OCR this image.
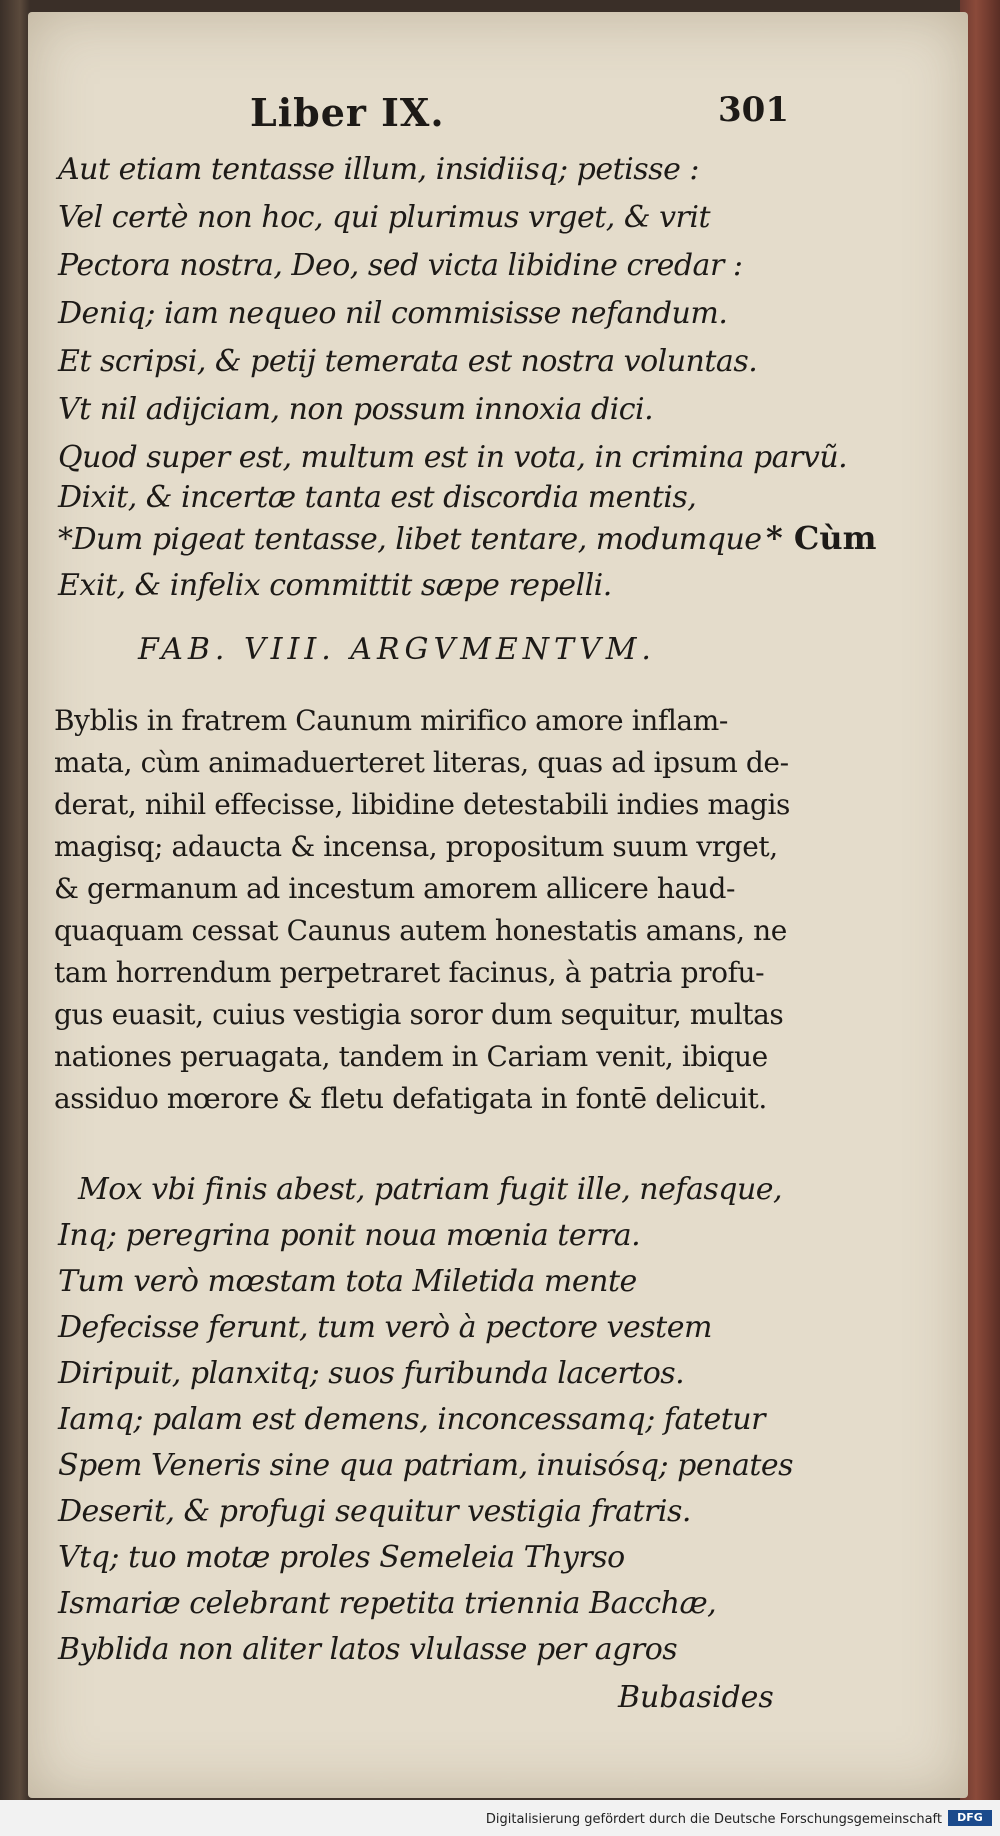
Liber IX.	301
Aut etiam tentasse illum, insidiisq; petisse :
Vel certè non hoc, qui plurimus vrget, & vrit
Pectora nostra, Deo, sed victa libidine credar :
Deniq; iam nequeo nil commisisse nefandum.
Et scripsi, & petij temerata est nostra voluntas.
Vt nil adijciam, non possum innoxia dici.
Quod super est, multum est in vota, in crimina parvũ.
Dixit, & incertæ tanta est discordia mentis,
*Dum pigeat tentasse, libet tentare, modumque
Exit, & infelix committit sæpe repelli.
* Cùm
FAB. VIII. ARGVMENTVM.
Byblis in fratrem Caunum mirifico amore inflam-
mata, cùm animaduerteret literas, quas ad ipsum de-
derat, nihil effecisse, libidine detestabili indies magis
magisq; adaucta & incensa, propositum suum vrget,
& germanum ad incestum amorem allicere haud-
quaquam cessat Caunus autem honestatis amans, ne
tam horrendum perpetraret facinus, à patria profu-
gus euasit, cuius vestigia soror dum sequitur, multas
nationes peruagata, tandem in Cariam venit, ibique
assiduo mœrore & fletu defatigata in fontē delicuit.
Mox vbi finis abest, patriam fugit ille, nefasque,
Inq; peregrina ponit noua mœnia terra.
Tum verò mœstam tota Miletida mente
Defecisse ferunt, tum verò à pectore vestem
Diripuit, planxitq; suos furibunda lacertos.
Iamq; palam est demens, inconcessamq; fatetur
Spem Veneris sine qua patriam, inuisósq; penates
Deserit, & profugi sequitur vestigia fratris.
Vtq; tuo motæ proles Semeleia Thyrso
Ismariæ celebrant repetita triennia Bacchæ,
Byblida non aliter latos vlulasse per agros
Bubasides
Digitalisierung gefördert durch die Deutsche Forschungsgemeinschaft	DFG
